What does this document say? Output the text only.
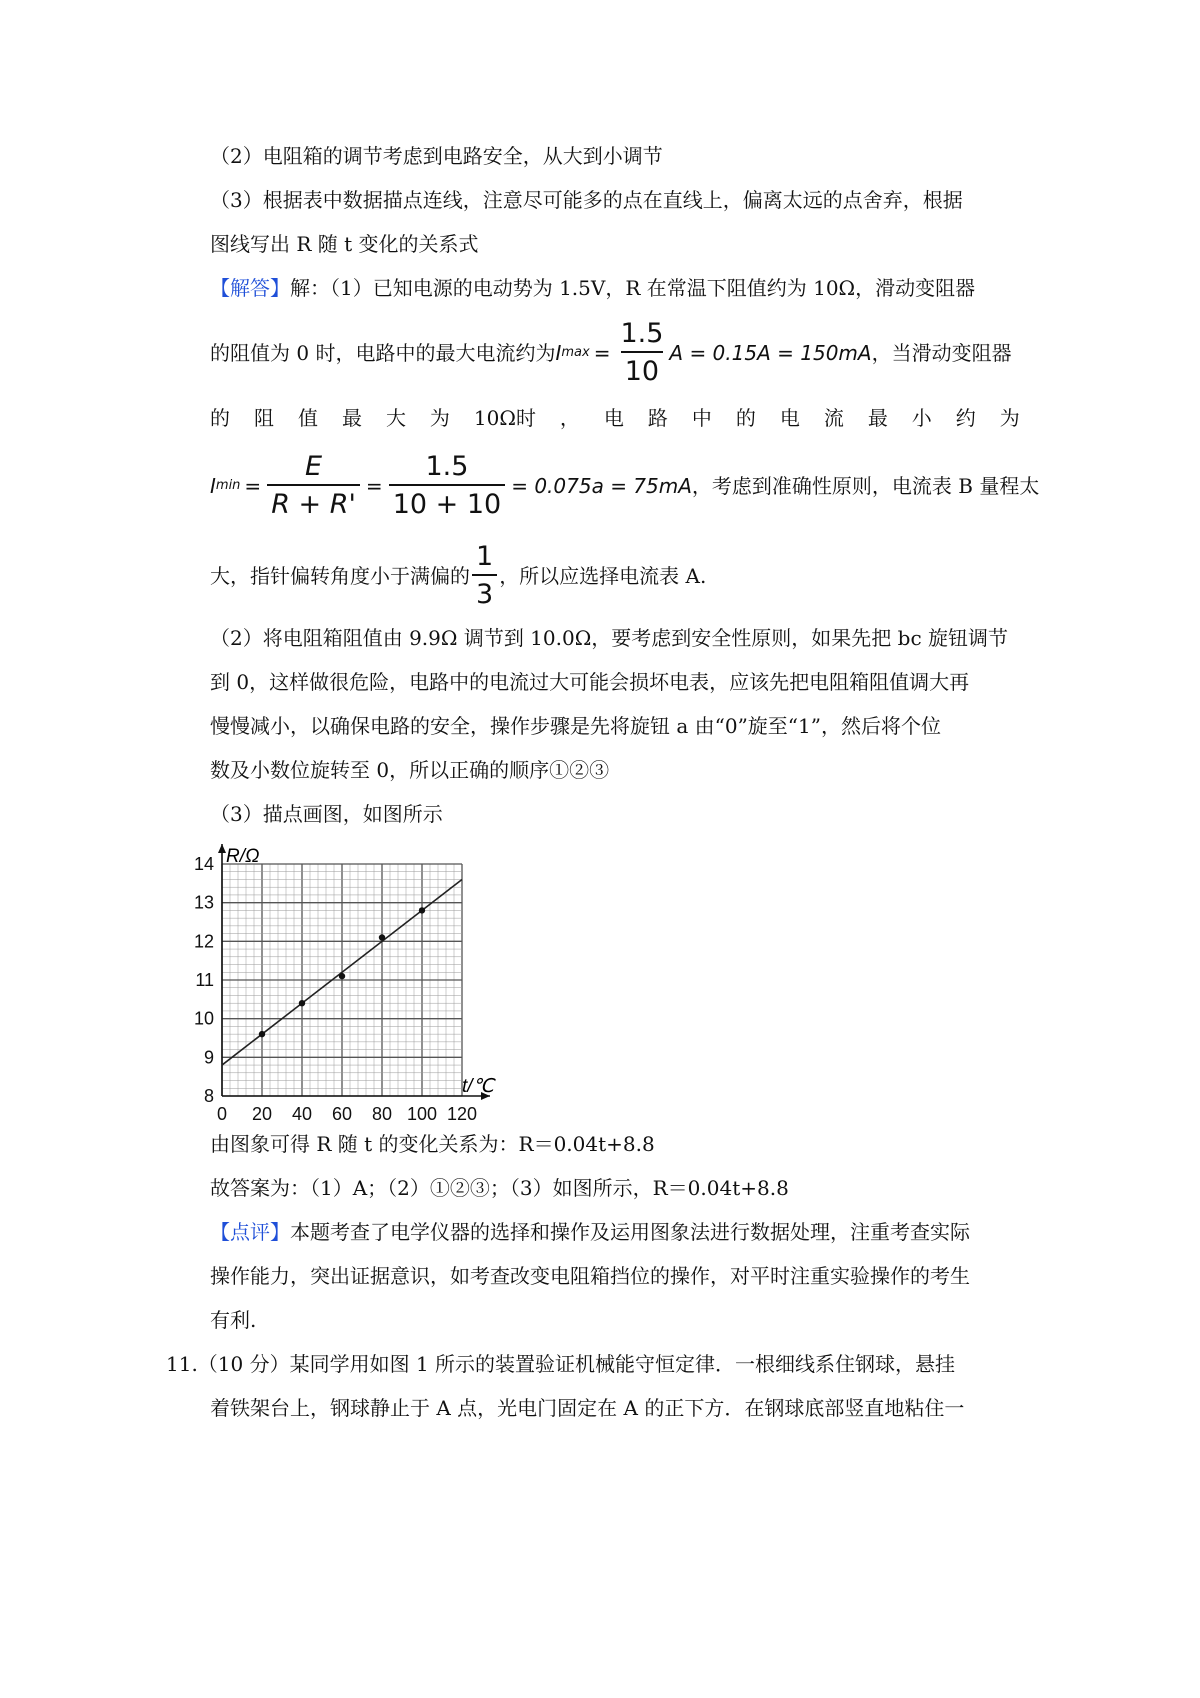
（2）电阻箱的调节考虑到电路安全，从大到小调节
（3）根据表中数据描点连线，注意尽可能多的点在直线上，偏离太远的点舍弃，根据
图线写出 R 随 t 变化的关系式
【解答】解：（1）已知电源的电动势为 1.5V，R 在常温下阻值约为 10Ω，滑动变阻器
的阻值为 0 时，电路中的最大电流约为 I $\max = \frac{1.5}{10}$ A = 0.15A = 150mA ，当滑动变阻器
的 阻 值 最 大 为 10Ω时 ， 电 路 中 的 电 流 最 小 约 为
I $\min = \frac{E}{R + R'} = \frac{1.5}{10 + 10} = 0.075a = 75mA$ ，考虑到准确性原则，电流表 B 量程太
大，指针偏转角度小于满偏的 $\frac{1}{3}$ ，所以应选择电流表 A.
（2）将电阻箱阻值由 9.9Ω 调节到 10.0Ω，要考虑到安全性原则，如果先把 bc 旋钮调节
到 0，这样做很危险，电路中的电流过大可能会损坏电表，应该先把电阻箱阻值调大再
慢慢减小，以确保电路的安全，操作步骤是先将旋钮 a 由“0”旋至“1”，然后将个位
数及小数位旋转至 0，所以正确的顺序①②③
（3）描点画图，如图所示
0 20 40 60 80 100 120
8
9
10
11
12
13
14 R/Ω
t/℃
由图象可得 R 随 t 的变化关系为：R＝0.04t+8.8
故答案为：（1）A；（2）①②③；（3）如图所示，R＝0.04t+8.8
【点评】本题考查了电学仪器的选择和操作及运用图象法进行数据处理，注重考查实际
操作能力，突出证据意识，如考查改变电阻箱挡位的操作，对平时注重实验操作的考生
有利.
11.（10 分）某同学用如图 1 所示的装置验证机械能守恒定律．一根细线系住钢球，悬挂
着铁架台上，钢球静止于 A 点，光电门固定在 A 的正下方．在钢球底部竖直地粘住一
